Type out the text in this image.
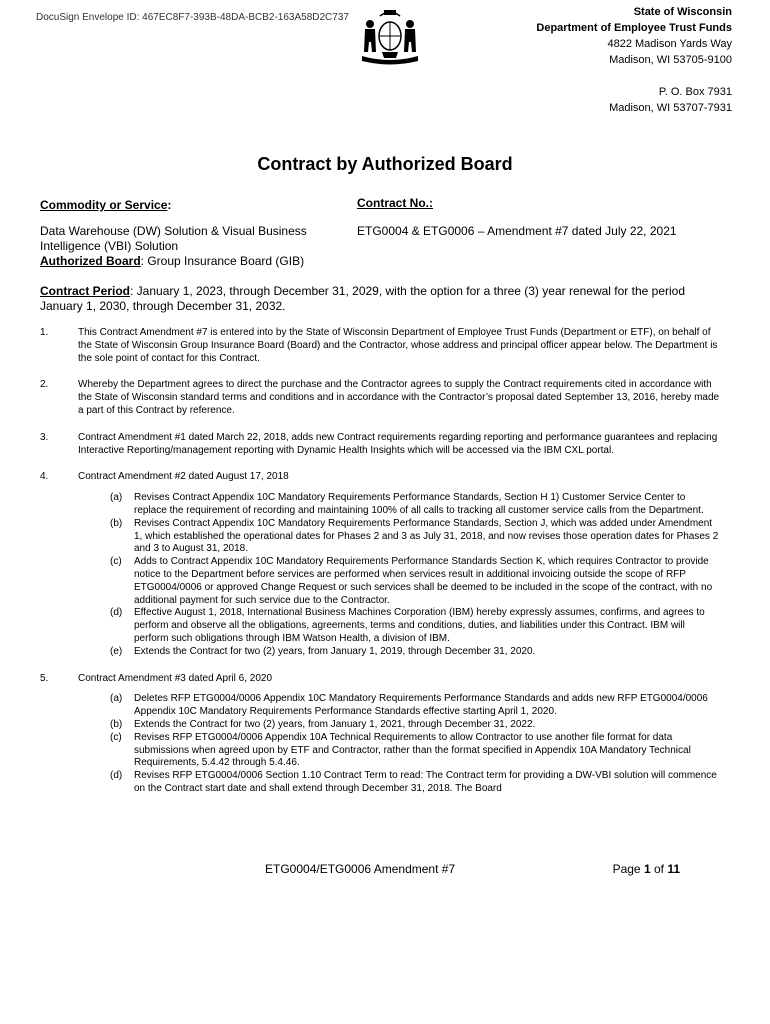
DocuSign Envelope ID: 467EC8F7-393B-48DA-BCB2-163A58D2C737	State of Wisconsin
Department of Employee Trust Funds
4822 Madison Yards Way
Madison, WI 53705-9100
P. O. Box 7931
Madison, WI 53707-7931
Contract by Authorized Board
Commodity or Service:
Data Warehouse (DW) Solution & Visual Business Intelligence (VBI) Solution
Authorized Board: Group Insurance Board (GIB)
Contract No.:
ETG0004 & ETG0006 – Amendment #7 dated July 22, 2021
Contract Period: January 1, 2023, through December 31, 2029, with the option for a three (3) year renewal for the period January 1, 2030, through December 31, 2032.
1.	This Contract Amendment #7 is entered into by the State of Wisconsin Department of Employee Trust Funds (Department or ETF), on behalf of the State of Wisconsin Group Insurance Board (Board) and the Contractor, whose address and principal officer appear below. The Department is the sole point of contact for this Contract.
2.	Whereby the Department agrees to direct the purchase and the Contractor agrees to supply the Contract requirements cited in accordance with the State of Wisconsin standard terms and conditions and in accordance with the Contractor’s proposal dated September 13, 2016, hereby made a part of this Contract by reference.
3.	Contract Amendment #1 dated March 22, 2018, adds new Contract requirements regarding reporting and performance guarantees and replacing Interactive Reporting/management reporting with Dynamic Health Insights which will be accessed via the IBM CXL portal.
4.	Contract Amendment #2 dated August 17, 2018
(a)	Revises Contract Appendix 10C Mandatory Requirements Performance Standards, Section H 1) Customer Service Center to replace the requirement of recording and maintaining 100% of all calls to tracking all customer service calls from the Department.
(b)	Revises Contract Appendix 10C Mandatory Requirements Performance Standards, Section J, which was added under Amendment 1, which established the operational dates for Phases 2 and 3 as July 31, 2018, and now revises those operation dates for Phases 2 and 3 to August 31, 2018.
(c)	Adds to Contract Appendix 10C Mandatory Requirements Performance Standards Section K, which requires Contractor to provide notice to the Department before services are performed when services result in additional invoicing outside the scope of RFP ETG0004/0006 or approved Change Request or such services shall be deemed to be included in the scope of the contract, with no additional payment for such service due to the Contractor.
(d)	Effective August 1, 2018, International Business Machines Corporation (IBM) hereby expressly assumes, confirms, and agrees to perform and observe all the obligations, agreements, terms and conditions, duties, and liabilities under this Contract. IBM will perform such obligations through IBM Watson Health, a division of IBM.
(e)	Extends the Contract for two (2) years, from January 1, 2019, through December 31, 2020.
5.	Contract Amendment #3 dated April 6, 2020
(a)	Deletes RFP ETG0004/0006 Appendix 10C Mandatory Requirements Performance Standards and adds new RFP ETG0004/0006 Appendix 10C Mandatory Requirements Performance Standards effective starting April 1, 2020.
(b)	Extends the Contract for two (2) years, from January 1, 2021, through December 31, 2022.
(c)	Revises RFP ETG0004/0006 Appendix 10A Technical Requirements to allow Contractor to use another file format for data submissions when agreed upon by ETF and Contractor, rather than the format specified in Appendix 10A Mandatory Technical Requirements, 5.4.42 through 5.4.46.
(d)	Revises RFP ETG0004/0006 Section 1.10 Contract Term to read: The Contract term for providing a DW-VBI solution will commence on the Contract start date and shall extend through December 31, 2018. The Board
ETG0004/ETG0006 Amendment #7	Page 1 of 11
